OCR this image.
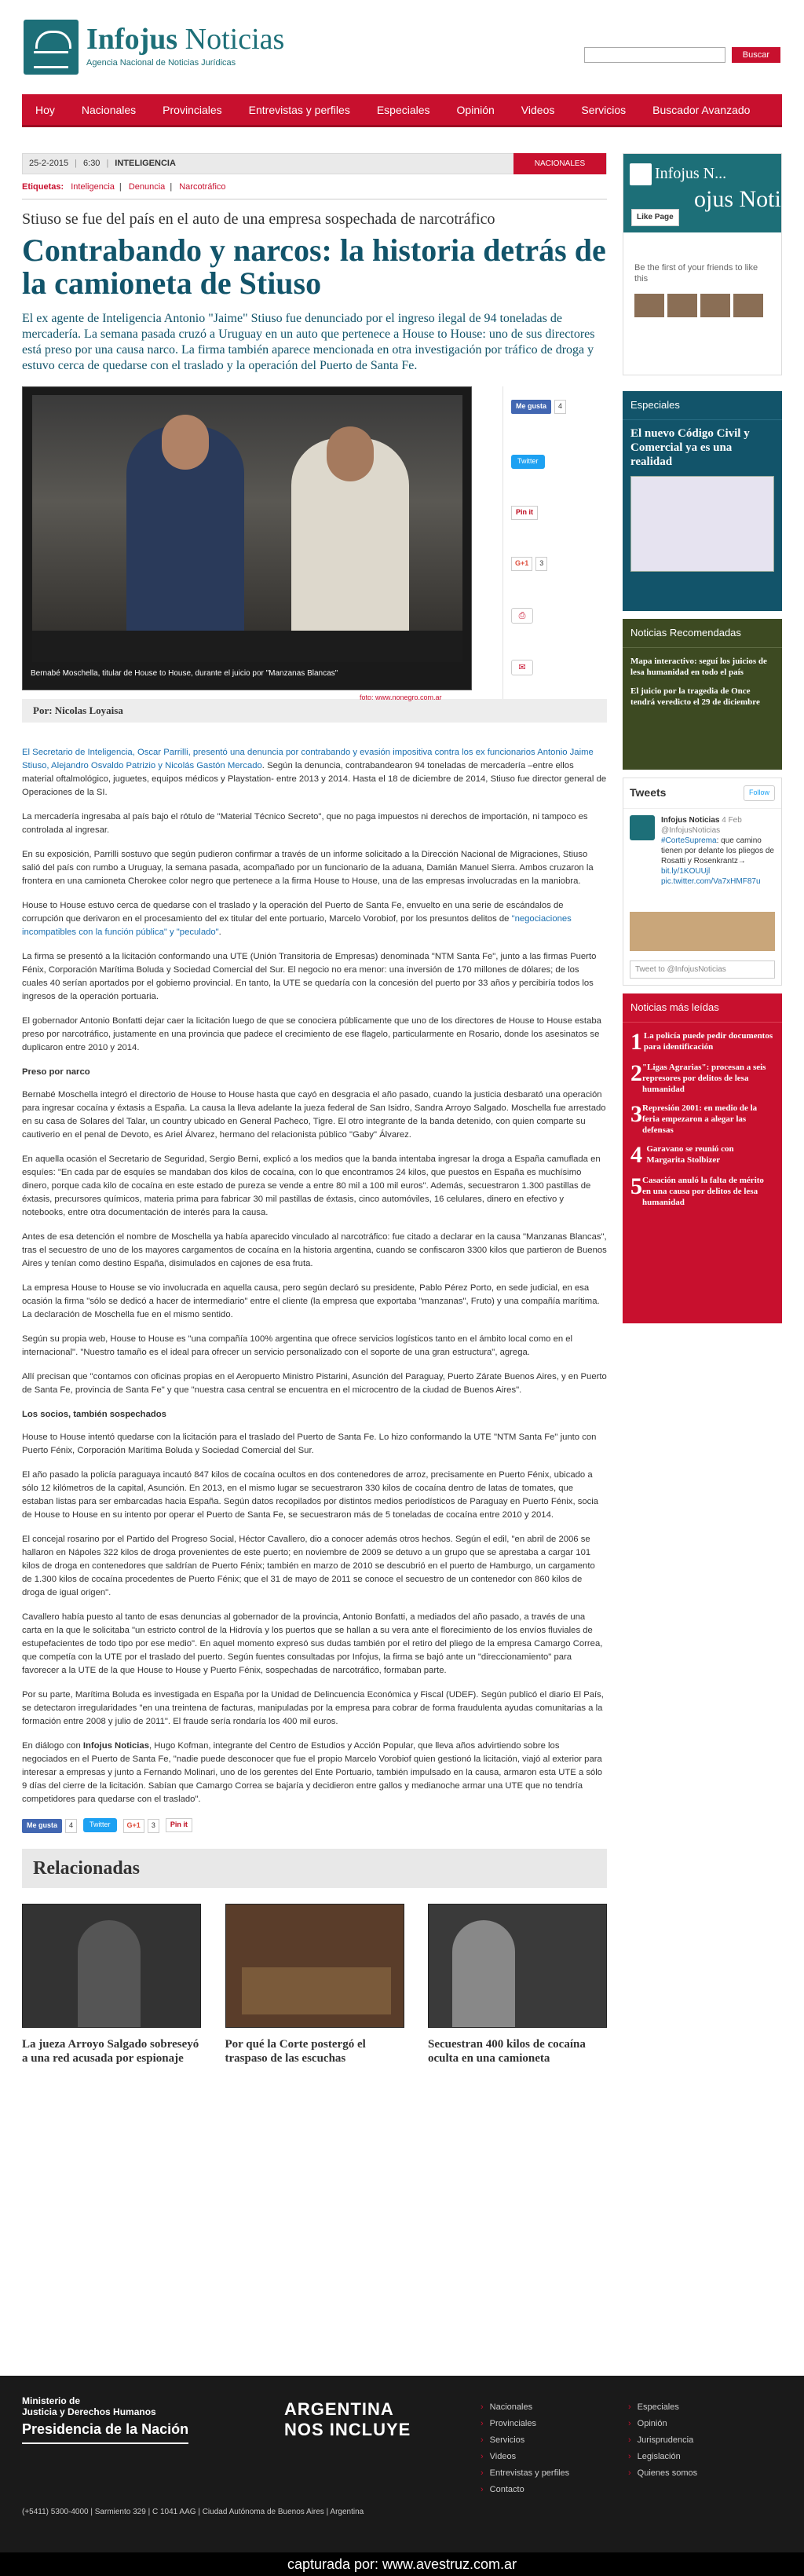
Infojus Noticias
Agencia Nacional de Noticias Jurídicas
Buscar
Hoy	Nacionales	Provinciales	Entrevistas y perfiles	Especiales	Opinión	Videos	Servicios	Buscador Avanzado
25-2-2015 | 6:30 | INTELIGENCIA	NACIONALES
Etiquetas: Inteligencia | Denuncia | Narcotráfico
Stiuso se fue del país en el auto de una empresa sospechada de narcotráfico
Contrabando y narcos: la historia detrás de la camioneta de Stiuso
El ex agente de Inteligencia Antonio "Jaime" Stiuso fue denunciado por el ingreso ilegal de 94 toneladas de mercadería. La semana pasada cruzó a Uruguay en un auto que pertenece a House to House: uno de sus directores está preso por una causa narco. La firma también aparece mencionada en otra investigación por tráfico de droga y estuvo cerca de quedarse con el traslado y la operación del Puerto de Santa Fe.
Bernabé Moschella, titular de House to House, durante el juicio por "Manzanas Blancas"
foto: www.nonegro.com.ar
Me gusta 4
Twitter
Pin it
G+1 3
⎙
✉
Por: Nicolas Loyaisa

El Secretario de Inteligencia, Oscar Parrilli, presentó una denuncia por contrabando y evasión impositiva contra los ex funcionarios Antonio Jaime Stiuso, Alejandro Osvaldo Patrizio y Nicolás Gastón Mercado. Según la denuncia, contrabandearon 94 toneladas de mercadería –entre ellos material oftalmológico, juguetes, equipos médicos y Playstation- entre 2013 y 2014. Hasta el 18 de diciembre de 2014, Stiuso fue director general de Operaciones de la SI.

La mercadería ingresaba al país bajo el rótulo de "Material Técnico Secreto", que no paga impuestos ni derechos de importación, ni tampoco es controlada al ingresar.

En su exposición, Parrilli sostuvo que según pudieron confirmar a través de un informe solicitado a la Dirección Nacional de Migraciones, Stiuso salió del país con rumbo a Uruguay, la semana pasada, acompañado por un funcionario de la aduana, Damián Manuel Sierra. Ambos cruzaron la frontera en una camioneta Cherokee color negro que pertenece a la firma House to House, una de las empresas involucradas en la maniobra.

House to House estuvo cerca de quedarse con el traslado y la operación del Puerto de Santa Fe, envuelto en una serie de escándalos de corrupción que derivaron en el procesamiento del ex titular del ente portuario, Marcelo Vorobiof, por los presuntos delitos de "negociaciones incompatibles con la función pública" y "peculado".

La firma se presentó a la licitación conformando una UTE (Unión Transitoria de Empresas) denominada "NTM Santa Fe", junto a las firmas Puerto Fénix, Corporación Marítima Boluda y Sociedad Comercial del Sur. El negocio no era menor: una inversión de 170 millones de dólares; de los cuales 40 serían aportados por el gobierno provincial. En tanto, la UTE se quedaría con la concesión del puerto por 33 años y percibiría todos los ingresos de la operación portuaria.

El gobernador Antonio Bonfatti dejar caer la licitación luego de que se conociera públicamente que uno de los directores de House to House estaba preso por narcotráfico, justamente en una provincia que padece el crecimiento de ese flagelo, particularmente en Rosario, donde los asesinatos se duplicaron entre 2010 y 2014.

Preso por narco

Bernabé Moschella integró el directorio de House to House hasta que cayó en desgracia el año pasado, cuando la justicia desbarató una operación para ingresar cocaína y éxtasis a España. La causa la lleva adelante la jueza federal de San Isidro, Sandra Arroyo Salgado. Moschella fue arrestado en su casa de Solares del Talar, un country ubicado en General Pacheco, Tigre. El otro integrante de la banda detenido, con quien comparte su cautiverio en el penal de Devoto, es Ariel Álvarez, hermano del relacionista público "Gaby" Álvarez.

En aquella ocasión el Secretario de Seguridad, Sergio Berni, explicó a los medios que la banda intentaba ingresar la droga a España camuflada en esquíes: "En cada par de esquíes se mandaban dos kilos de cocaína, con lo que encontramos 24 kilos, que puestos en España es muchísimo dinero, porque cada kilo de cocaína en este estado de pureza se vende a entre 80 mil a 100 mil euros". Además, secuestraron 1.300 pastillas de éxtasis, precursores químicos, materia prima para fabricar 30 mil pastillas de éxtasis, cinco automóviles, 16 celulares, dinero en efectivo y notebooks, entre otra documentación de interés para la causa.

Antes de esa detención el nombre de Moschella ya había aparecido vinculado al narcotráfico: fue citado a declarar en la causa "Manzanas Blancas", tras el secuestro de uno de los mayores cargamentos de cocaína en la historia argentina, cuando se confiscaron 3300 kilos que partieron de Buenos Aires y tenían como destino España, disimulados en cajones de esa fruta.

La empresa House to House se vio involucrada en aquella causa, pero según declaró su presidente, Pablo Pérez Porto, en sede judicial, en esa ocasión la firma "sólo se dedicó a hacer de intermediario" entre el cliente (la empresa que exportaba "manzanas", Fruto) y una compañía marítima. La declaración de Moschella fue en el mismo sentido.

Según su propia web, House to House es "una compañía 100% argentina que ofrece servicios logísticos tanto en el ámbito local como en el internacional". "Nuestro tamaño es el ideal para ofrecer un servicio personalizado con el soporte de una gran estructura", agrega.

Allí precisan que "contamos con oficinas propias en el Aeropuerto Ministro Pistarini, Asunción del Paraguay, Puerto Zárate Buenos Aires, y en Puerto de Santa Fe, provincia de Santa Fe" y que "nuestra casa central se encuentra en el microcentro de la ciudad de Buenos Aires".

Los socios, también sospechados

House to House intentó quedarse con la licitación para el traslado del Puerto de Santa Fe. Lo hizo conformando la UTE "NTM Santa Fe" junto con Puerto Fénix, Corporación Marítima Boluda y Sociedad Comercial del Sur.

El año pasado la policía paraguaya incautó 847 kilos de cocaína ocultos en dos contenedores de arroz, precisamente en Puerto Fénix, ubicado a sólo 12 kilómetros de la capital, Asunción. En 2013, en el mismo lugar se secuestraron 330 kilos de cocaína dentro de latas de tomates, que estaban listas para ser embarcadas hacia España. Según datos recopilados por distintos medios periodísticos de Paraguay en Puerto Fénix, socia de House to House en su intento por operar el Puerto de Santa Fe, se secuestraron más de 5 toneladas de cocaína entre 2010 y 2014.

El concejal rosarino por el Partido del Progreso Social, Héctor Cavallero, dio a conocer además otros hechos. Según el edil, "en abril de 2006 se hallaron en Nápoles 322 kilos de droga provenientes de este puerto; en noviembre de 2009 se detuvo a un grupo que se aprestaba a cargar 101 kilos de droga en contenedores que saldrían de Puerto Fénix; también en marzo de 2010 se descubrió en el puerto de Hamburgo, un cargamento de 1.300 kilos de cocaína procedentes de Puerto Fénix; que el 31 de mayo de 2011 se conoce el secuestro de un contenedor con 860 kilos de droga de igual origen".

Cavallero había puesto al tanto de esas denuncias al gobernador de la provincia, Antonio Bonfatti, a mediados del año pasado, a través de una carta en la que le solicitaba "un estricto control de la Hidrovía y los puertos que se hallan a su vera ante el florecimiento de los envíos fluviales de estupefacientes de todo tipo por ese medio". En aquel momento expresó sus dudas también por el retiro del pliego de la empresa Camargo Correa, que competía con la UTE por el traslado del puerto. Según fuentes consultadas por Infojus, la firma se bajó ante un "direccionamiento" para favorecer a la UTE de la que House to House y Puerto Fénix, sospechadas de narcotráfico, formaban parte.

Por su parte, Marítima Boluda es investigada en España por la Unidad de Delincuencia Económica y Fiscal (UDEF). Según publicó el diario El País, se detectaron irregularidades "en una treintena de facturas, manipuladas por la empresa para cobrar de forma fraudulenta ayudas comunitarias a la formación entre 2008 y julio de 2011". El fraude sería rondaría los 400 mil euros.

En diálogo con Infojus Noticias, Hugo Kofman, integrante del Centro de Estudios y Acción Popular, que lleva años advirtiendo sobre los negociados en el Puerto de Santa Fe, "nadie puede desconocer que fue el propio Marcelo Vorobiof quien gestionó la licitación, viajó al exterior para interesar a empresas y junto a Fernando Molinari, uno de los gerentes del Ente Portuario, también impulsado en la causa, armaron esta UTE a sólo 9 días del cierre de la licitación. Sabían que Camargo Correa se bajaría y decidieron entre gallos y medianoche armar una UTE que no tendría competidores para quedarse con el traslado".

Me gusta 4	Twitter	G+1 3	Pin it
Relacionadas
La jueza Arroyo Salgado sobreseyó a una red acusada por espionaje
Por qué la Corte postergó el traspaso de las escuchas
Secuestran 400 kilos de cocaína oculta en una camioneta
Infojus N...
ojus Noti
Like Page
Be the first of your friends to like this
Especiales
El nuevo Código Civil y Comercial ya es una realidad
Noticias Recomendadas
Mapa interactivo: seguí los juicios de lesa humanidad en todo el país
El juicio por la tragedia de Once tendrá veredicto el 29 de diciembre
Tweets	Follow
Infojus Noticias 4 Feb
@InfojusNoticias
#CorteSuprema: que camino tienen por delante los pliegos de Rosatti y Rosenkrantz→ bit.ly/1KOUUjl pic.twitter.com/Va7xHMF87u
Tweet to @InfojusNoticias
Noticias más leídas
1 La policía puede pedir documentos para identificación
2 "Ligas Agrarias": procesan a seis represores por delitos de lesa humanidad
3 Represión 2001: en medio de la feria empezaron a alegar las defensas
4 Garavano se reunió con Margarita Stolbizer
5 Casación anuló la falta de mérito en una causa por delitos de lesa humanidad
Ministerio de
Justicia y Derechos Humanos
Presidencia de la Nación
ARGENTINA
NOS INCLUYE
› Nacionales
› Provinciales
› Servicios
› Videos
› Entrevistas y perfiles
› Contacto
› Especiales
› Opinión
› Jurisprudencia
› Legislación
› Quienes somos
(+5411) 5300-4000 | Sarmiento 329 | C 1041 AAG | Ciudad Autónoma de Buenos Aires | Argentina
capturada por: www.avestruz.com.ar
